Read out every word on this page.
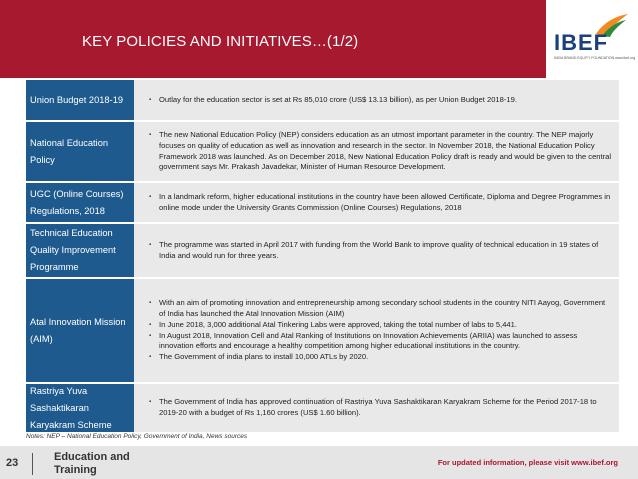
KEY POLICIES AND INITIATIVES…(1/2)	IBEF
INDIA BRAND EQUITY FOUNDATION www.ibef.org
Union Budget 2018-19
▪	Outlay for the education sector is set at Rs 85,010 crore (US$ 13.13 billion), as per Union Budget 2018-19.
National Education Policy
▪ The new National Education Policy (NEP) considers education as an utmost important parameter in the country. The NEP majorly focuses on quality of education as well as innovation and research in the sector. In November 2018, the National Education Policy Framework 2018 was launched. As on December 2018, New National Education Policy draft is ready and would be given to the central government says Mr. Prakash Javadekar, Minister of Human Resource Development.
UGC (Online Courses) Regulations, 2018
▪ In a landmark reform, higher educational institutions in the country have been allowed Certificate, Diploma and Degree Programmes in online mode under the University Grants Commission (Online Courses) Regulations, 2018
Technical Education Quality Improvement Programme
▪ The programme was started in April 2017 with funding from the World Bank to improve quality of technical education in 19 states of India and would run for three years.
Atal Innovation Mission (AIM)
▪ With an aim of promoting innovation and entrepreneurship among secondary school students in the country NITI Aayog, Government of India has launched the Atal Innovation Mission (AIM)
▪ In June 2018, 3,000 additional Atal Tinkering Labs were approved, taking the total number of labs to 5,441.
▪ In August 2018, Innovation Cell and Atal Ranking of Institutions on Innovation Achievements (ARIIA) was launched to assess innovation efforts and encourage a healthy competition among higher educational institutions in the country.
▪ The Government of india plans to install 10,000 ATLs by 2020.
Rastriya Yuva Sashaktikaran Karyakram Scheme
▪ The Government of India has approved continuation of Rastriya Yuva Sashaktikaran Karyakram Scheme for the Period 2017-18 to 2019-20 with a budget of Rs 1,160 crores (US$ 1.60 billion).
Notes: NEP – National Education Policy, Government of India, News sources
23	Education and Training
For updated information, please visit www.ibef.org
